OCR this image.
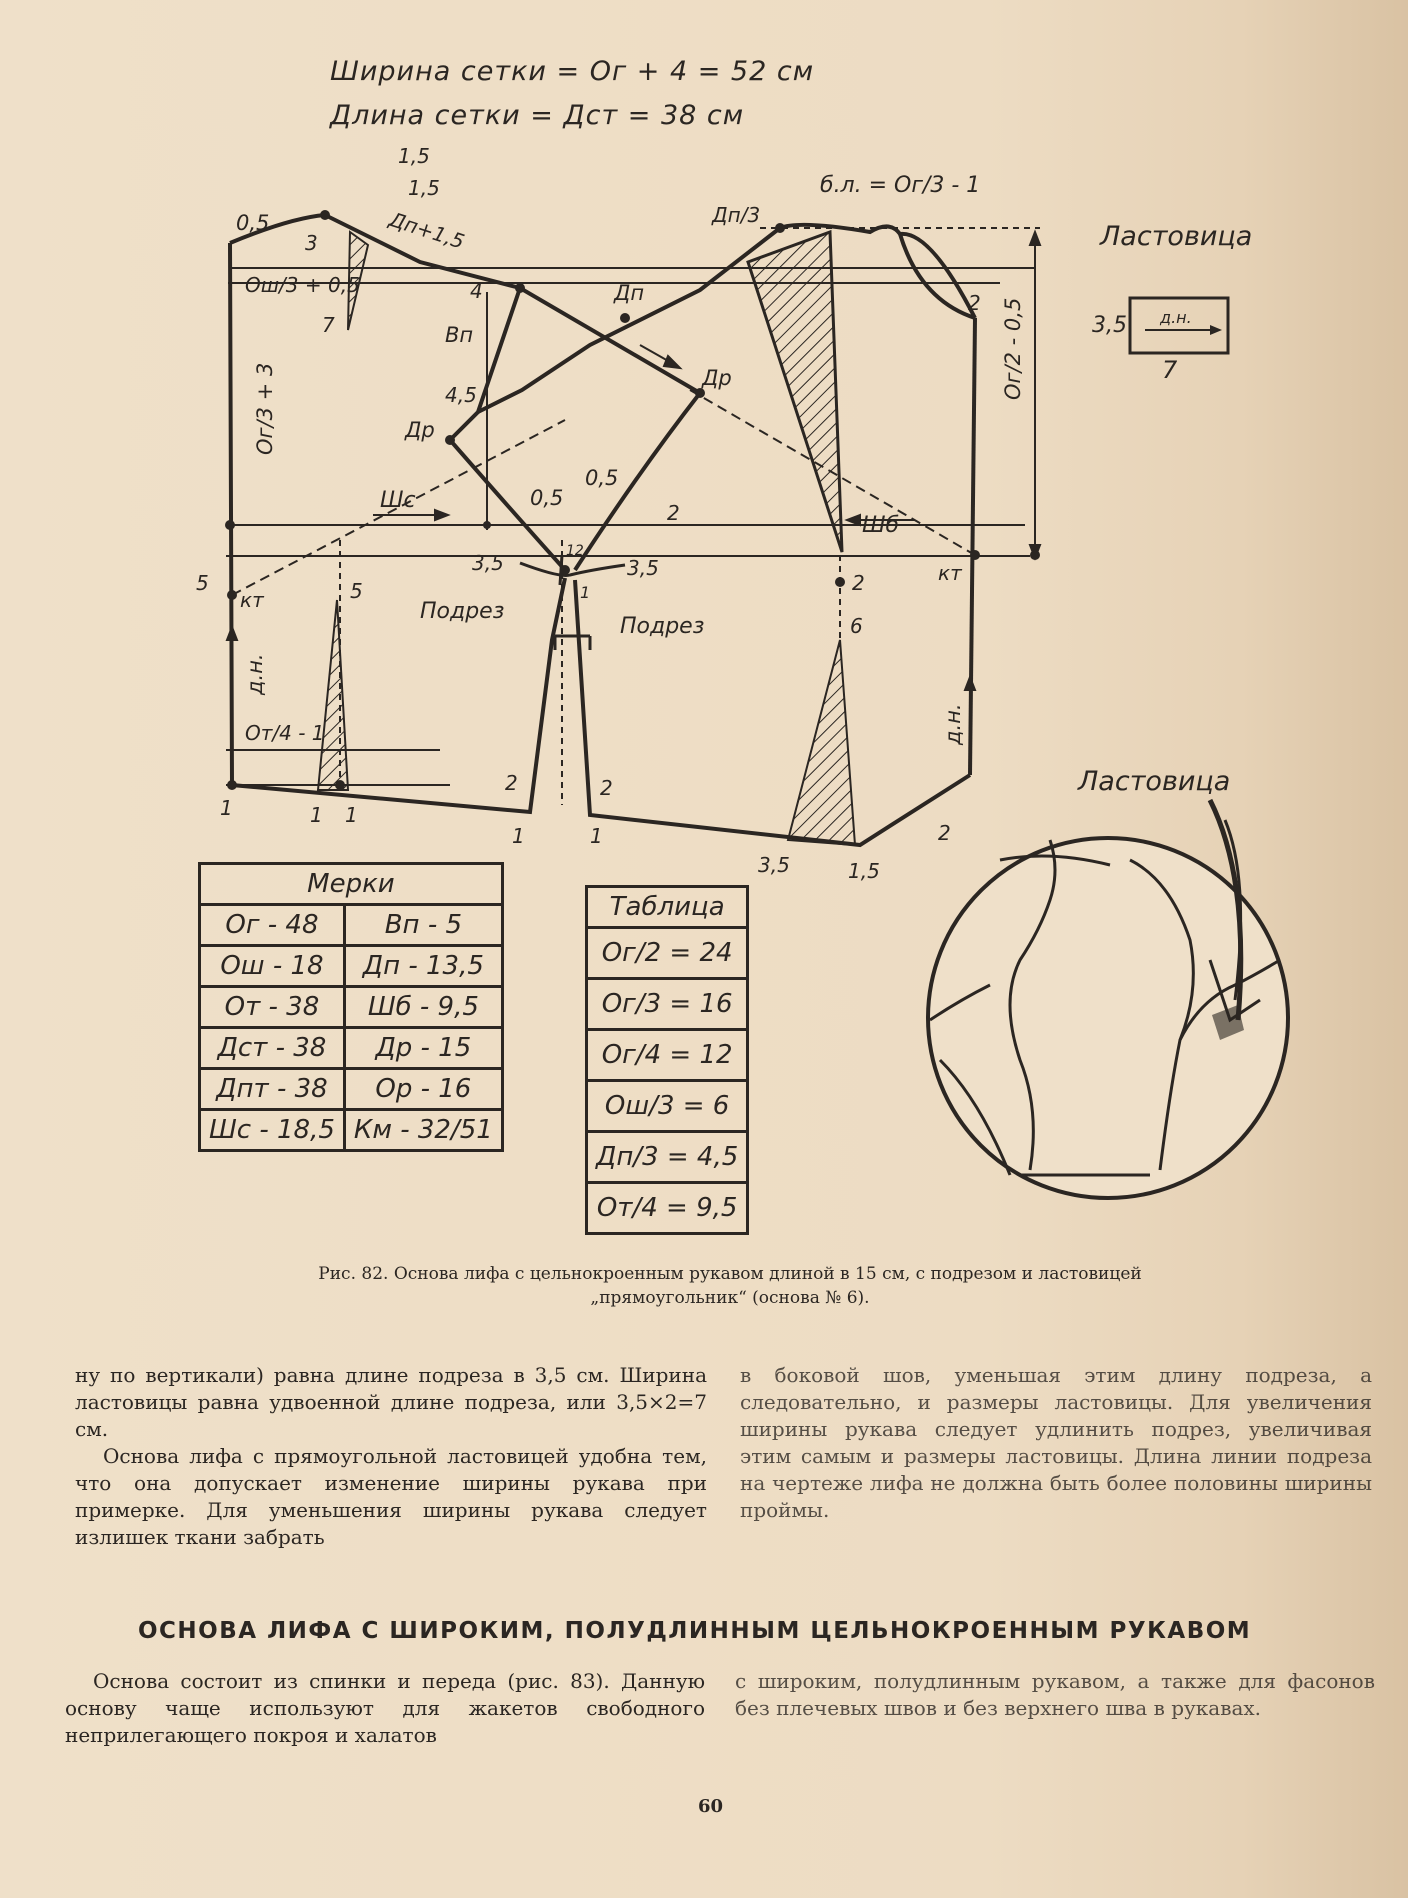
Ширина сетки = Ог + 4 = 52 см
Длина сетки = Дст = 38 см
Ластовица
Ластовица
д.н.
3,5
7
б.л. = Ог/3 - 1
Дп/3
Дп+1,5
Дп
Др
Др
Вп
Шс
Шб
кт
кт
д.н.
д.н.
Подрез
Подрез
Ог/2 - 0,5
Ог/3 + 3
Ош/3 + 0,5
От/4 - 1
0,5
0,5
0,5
1,5
1,5
1,5
3
7
4
4,5
2
2
2
2	2
2
3,5	3,5
3,5
12
5	5
6
1	1 1
1	1
1
Мерки	
Ог - 48	Вп - 5
Ош - 18	Дп - 13,5
От - 38	Шб - 9,5
Дст - 38	Др - 15
Дпт - 38	Ор - 16
Шс - 18,5	Км - 32/51
Таблица
Ог/2 = 24
Ог/3 = 16
Ог/4 = 12
Ош/3 = 6
Дп/3 = 4,5
От/4 = 9,5
Рис. 82. Основа лифа с цельнокроенным рукавом длиной в 15 см, с подрезом и ластовицей
„прямоугольник“ (основа № 6).

ну по вертикали) равна длине подреза в 3,5 см. Ширина ластовицы равна удвоенной длине подреза, или 3,5×2=7 см.

Основа лифа с прямоугольной ластовицей удобна тем, что она допускает изменение ширины рукава при примерке. Для уменьшения ширины рукава следует излишек ткани забрать

в боковой шов, уменьшая этим длину подреза, а следовательно, и размеры ластовицы. Для увеличения ширины рукава следует удлинить подрез, увеличивая этим самым и размеры ластовицы. Длина линии подреза на чертеже лифа не должна быть более половины ширины проймы.

ОСНОВА ЛИФА С ШИРОКИМ, ПОЛУДЛИННЫМ ЦЕЛЬНОКРОЕННЫМ РУКАВОМ

Основа состоит из спинки и переда (рис. 83). Данную основу чаще используют для жакетов свободного неприлегающего покроя и халатов

с широким, полудлинным рукавом, а также для фасонов без плечевых швов и без верхнего шва в рукавах.

60
